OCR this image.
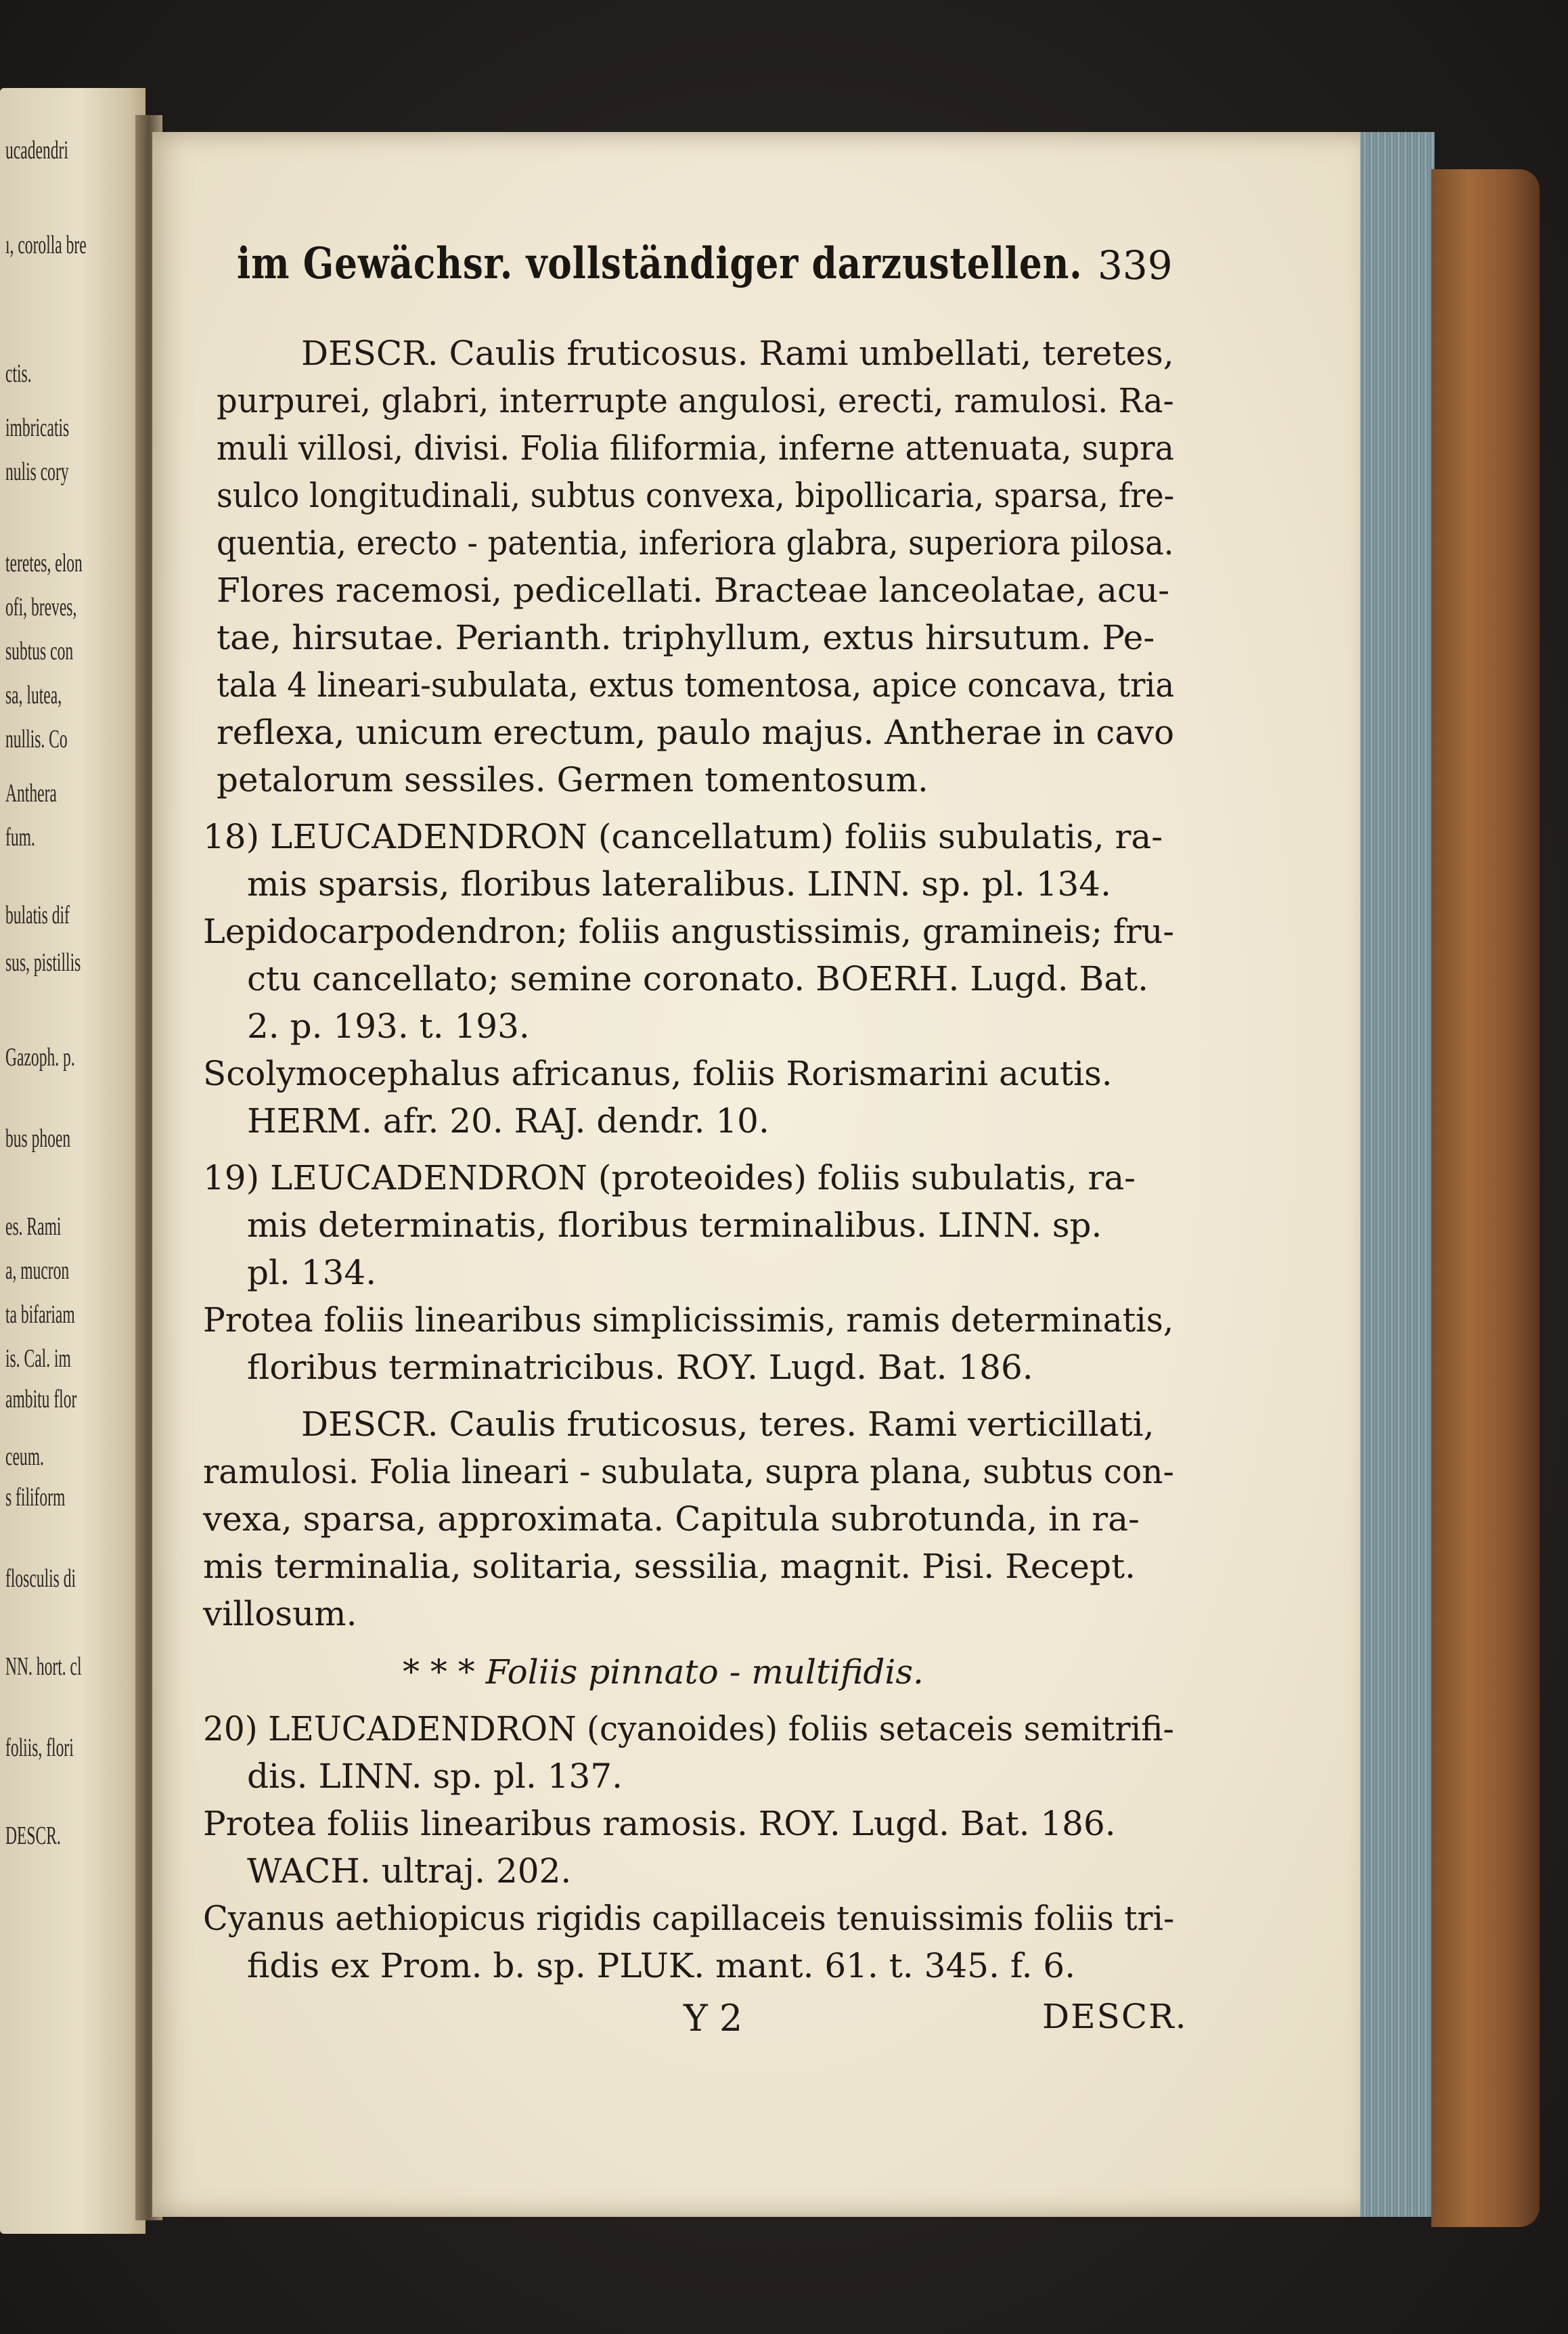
ucadendri
ı, corolla bre
ctis.
imbricatis
nulis cory
teretes, elon
ofi, breves,
subtus con
sa, lutea,
nullis. Co
Anthera
fum.
bulatis dif
sus, pistillis
Gazoph. p.
bus phoen
es. Rami
a, mucron
ta bifariam
is. Cal. im
ambitu flor
ceum.
s filiform
flosculis di
NN. hort. cl
foliis, flori
DESCR.
im Gewächsr. vollständiger darzustellen. 339
DESCR. Caulis fruticosus. Rami umbellati, teretes,
purpurei, glabri, interrupte angulosi, erecti, ramulosi. Ra-
muli villosi, divisi. Folia filiformia, inferne attenuata, supra
sulco longitudinali, subtus convexa, bipollicaria, sparsa, fre-
quentia, erecto - patentia, inferiora glabra, superiora pilosa.
Flores racemosi, pedicellati. Bracteae lanceolatae, acu-
tae, hirsutae. Perianth. triphyllum, extus hirsutum. Pe-
tala 4 lineari-subulata, extus tomentosa, apice concava, tria
reflexa, unicum erectum, paulo majus. Antherae in cavo
petalorum sessiles. Germen tomentosum.
18) LEUCADENDRON (cancellatum) foliis subulatis, ra-
mis sparsis, floribus lateralibus. LINN. sp. pl. 134.
Lepidocarpodendron; foliis angustissimis, gramineis; fru-
ctu cancellato; semine coronato. BOERH. Lugd. Bat.
2. p. 193. t. 193.
Scolymocephalus africanus, foliis Rorismarini acutis.
HERM. afr. 20. RAJ. dendr. 10.
19) LEUCADENDRON (proteoides) foliis subulatis, ra-
mis determinatis, floribus terminalibus. LINN. sp.
pl. 134.
Protea foliis linearibus simplicissimis, ramis determinatis,
floribus terminatricibus. ROY. Lugd. Bat. 186.
DESCR. Caulis fruticosus, teres. Rami verticillati,
ramulosi. Folia lineari - subulata, supra plana, subtus con-
vexa, sparsa, approximata. Capitula subrotunda, in ra-
mis terminalia, solitaria, sessilia, magnit. Pisi. Recept.
villosum.
* * * Foliis pinnato - multifidis.
20) LEUCADENDRON (cyanoides) foliis setaceis semitrifi-
dis. LINN. sp. pl. 137.
Protea foliis linearibus ramosis. ROY. Lugd. Bat. 186.
WACH. ultraj. 202.
Cyanus aethiopicus rigidis capillaceis tenuissimis foliis tri-
fidis ex Prom. b. sp. PLUK. mant. 61. t. 345. f. 6.
Y 2	DESCR.
